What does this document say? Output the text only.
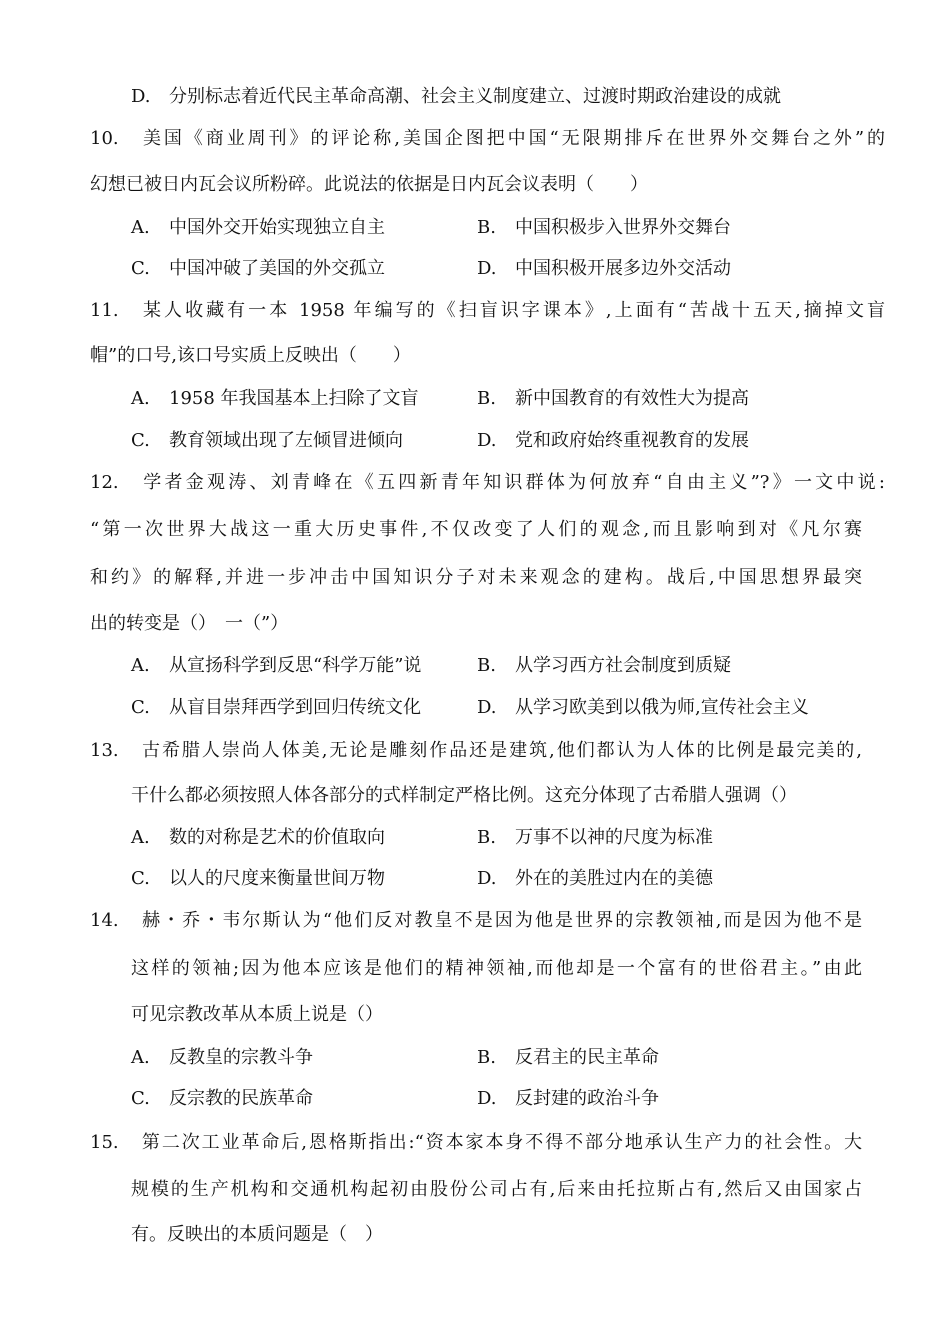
D. 分别标志着近代民主革命高潮、社会主义制度建立、过渡时期政治建设的成就
10. 美国《商业周刊》的评论称,美国企图把中国“无限期排斥在世界外交舞台之外”的
幻想已被日内瓦会议所粉碎。此说法的依据是日内瓦会议表明（　　）
A. 中国外交开始实现独立自主	B. 中国积极步入世界外交舞台
C. 中国冲破了美国的外交孤立	D. 中国积极开展多边外交活动
11. 某人收藏有一本 1958 年编写的《扫盲识字课本》,上面有“苦战十五天,摘掉文盲
帽”的口号,该口号实质上反映出（　　）
A. 1958 年我国基本上扫除了文盲	B. 新中国教育的有效性大为提高
C. 教育领域出现了左倾冒进倾向	D. 党和政府始终重视教育的发展
12. 学者金观涛、刘青峰在《五四新青年知识群体为何放弃“自由主义”?》一文中说:
“第一次世界大战这一重大历史事件,不仅改变了人们的观念,而且影响到对《凡尔赛
和约》的解释,并进一步冲击中国知识分子对未来观念的建构。战后,中国思想界最突
出的转变是（）　一（”）
A. 从宣扬科学到反思“科学万能”说	B. 从学习西方社会制度到质疑
C. 从盲目崇拜西学到回归传统文化	D. 从学习欧美到以俄为师,宣传社会主义
13. 古希腊人崇尚人体美,无论是雕刻作品还是建筑,他们都认为人体的比例是最完美的,
干什么都必须按照人体各部分的式样制定严格比例。这充分体现了古希腊人强调（）
A. 数的对称是艺术的价值取向	B. 万事不以神的尺度为标准
C. 以人的尺度来衡量世间万物	D. 外在的美胜过内在的美德
14. 赫・乔・韦尔斯认为“他们反对教皇不是因为他是世界的宗教领袖,而是因为他不是
这样的领袖;因为他本应该是他们的精神领袖,而他却是一个富有的世俗君主。”由此
可见宗教改革从本质上说是（）
A. 反教皇的宗教斗争	B. 反君主的民主革命
C. 反宗教的民族革命	D. 反封建的政治斗争
15. 第二次工业革命后,恩格斯指出:“资本家本身不得不部分地承认生产力的社会性。大
规模的生产机构和交通机构起初由股份公司占有,后来由托拉斯占有,然后又由国家占
有。反映出的本质问题是（　）
